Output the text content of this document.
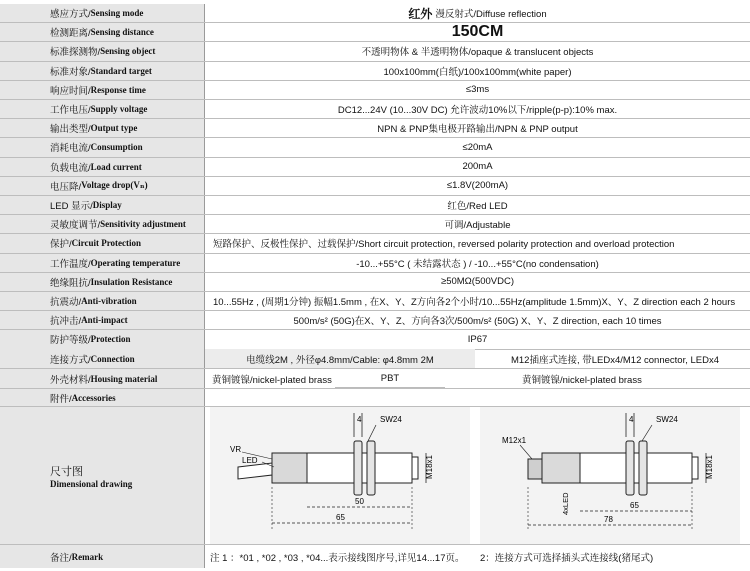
感应方式/ Sensing mode	红外 漫反射式/Diffuse reflection
检测距离/ Sensing distance	150CM
标准探测物/ Sensing object	不透明物体 & 半透明物体/opaque & translucent objects
标准对象/ Standard target	100x100mm(白纸)/100x100mm(white paper)
响应时间/ Response time	≤3ms
工作电压/ Supply voltage	DC12...24V (10...30V DC) 允许波动10%以下/ripple(p-p):10% max.
输出类型/ Output type	NPN & PNP集电极开路输出/NPN & PNP output
消耗电流/ Consumption	≤20mA
负载电流/ Load current	200mA
电压降/ Voltage drop(Vₙ)	≤1.8V(200mA)
LED 显示/ Display	红色/Red LED
灵敏度调节/ Sensitivity adjustment	可调/Adjustable
保护/ Circuit Protection	短路保护、反极性保护、过载保护/Short circuit protection, reversed polarity protection and overload protection
工作温度/ Operating temperature	-10...+55°C ( 未结露状态 ) / -10...+55°C(no condensation)
绝缘阻抗/ Insulation Resistance	≥50MΩ(500VDC)
抗震动/ Anti-vibration	10...55Hz , (周期1分钟) 振幅1.5mm , 在X、Y、Z方向各2个小时/10...55Hz(amplitude 1.5mm)X、Y、Z direction each 2 hours
抗冲击/ Anti-impact	500m/s² (50G)在X、Y、Z、方向各3次/500m/s² (50G) X、Y、Z direction, each 10 times
防护等级/ Protection	IP67
连接方式/ Connection	电缆线2M , 外径φ4.8mm/Cable: φ4.8mm 2M	M12插座式连接, 带LEDx4/M12 connector, LEDx4
外壳材料/ Housing material	黄铜镀镍/nickel-plated brass	PBT	黄铜镀镍/nickel-plated brass
附件/ Accessories
尺寸图
Dimensional drawing
4 SW24
VR
LED	M18x1
50
65
M12x1
4	SW24
4xLED
M18x1
65
78
备注/ Remark	注 1 ：*01 , *02 , *03 , *04...表示接线图序号,详见14...17页。 2：连接方式可选择插头式连接线(猪尾式)
